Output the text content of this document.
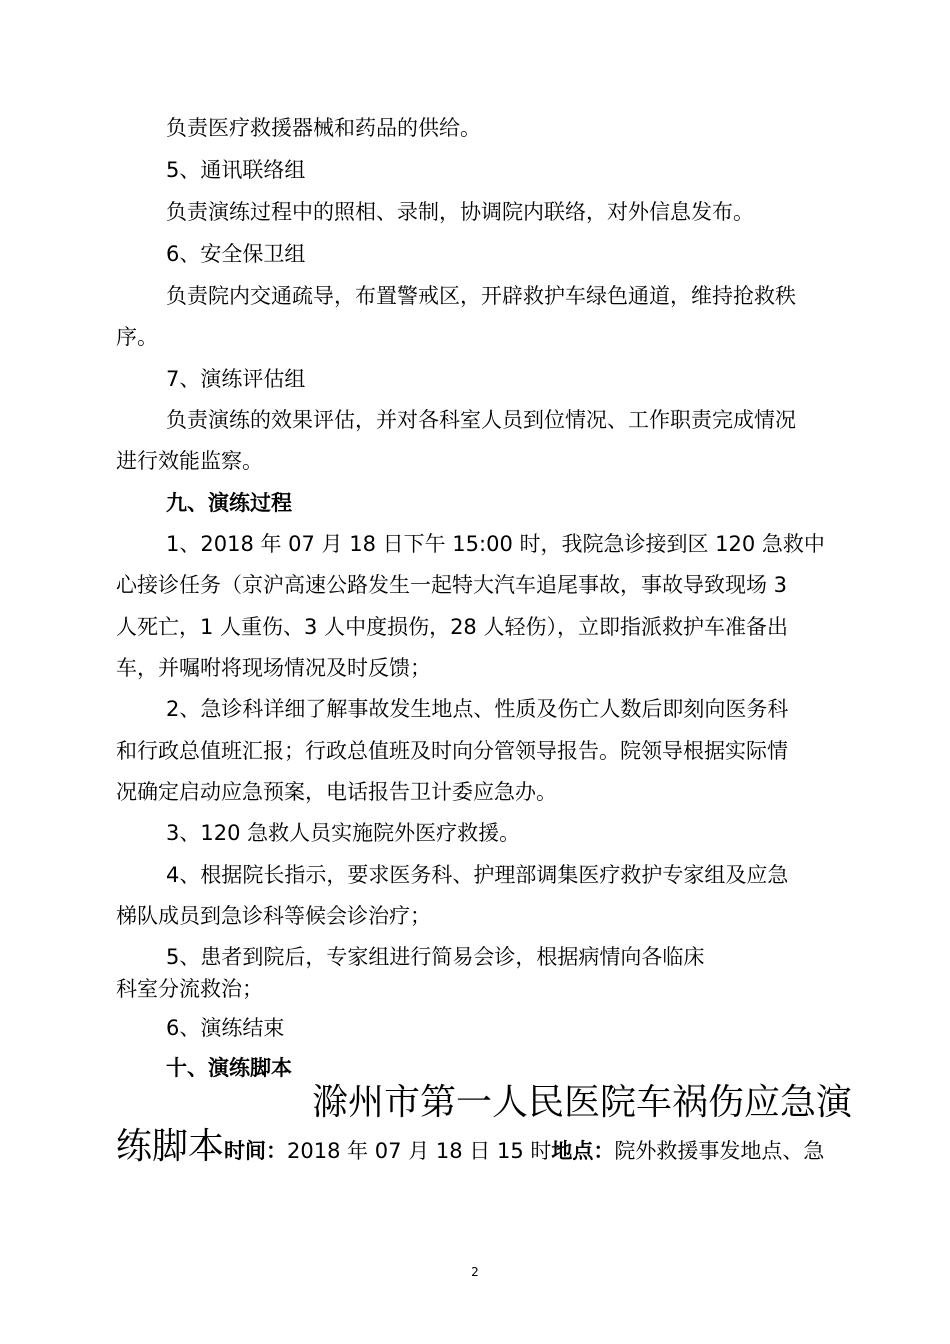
负责医疗救援器械和药品的供给。
5、通讯联络组
负责演练过程中的照相、录制，协调院内联络，对外信息发布。
6、安全保卫组
负责院内交通疏导，布置警戒区，开辟救护车绿色通道，维持抢救秩
序。
7、演练评估组
负责演练的效果评估，并对各科室人员到位情况、工作职责完成情况
进行效能监察。
九、演练过程
1、2018 年 07 月 18 日下午 15:00 时，我院急诊接到区 120 急救中
心接诊任务（京沪高速公路发生一起特大汽车追尾事故，事故导致现场 3
人死亡，1 人重伤、3 人中度损伤，28 人轻伤），立即指派救护车准备出
车，并嘱咐将现场情况及时反馈；
2、急诊科详细了解事故发生地点、性质及伤亡人数后即刻向医务科
和行政总值班汇报；行政总值班及时向分管领导报告。院领导根据实际情
况确定启动应急预案，电话报告卫计委应急办。
3、120 急救人员实施院外医疗救援。
4、根据院长指示，要求医务科、护理部调集医疗救护专家组及应急
梯队成员到急诊科等候会诊治疗；
5、患者到院后，专家组进行简易会诊，根据病情向各临床
科室分流救治；
6、演练结束
十、演练脚本
滁州市第一人民医院车祸伤应急演
练脚本时间：2018 年 07 月 18 日 15 时地点：院外救援事发地点、急
2
